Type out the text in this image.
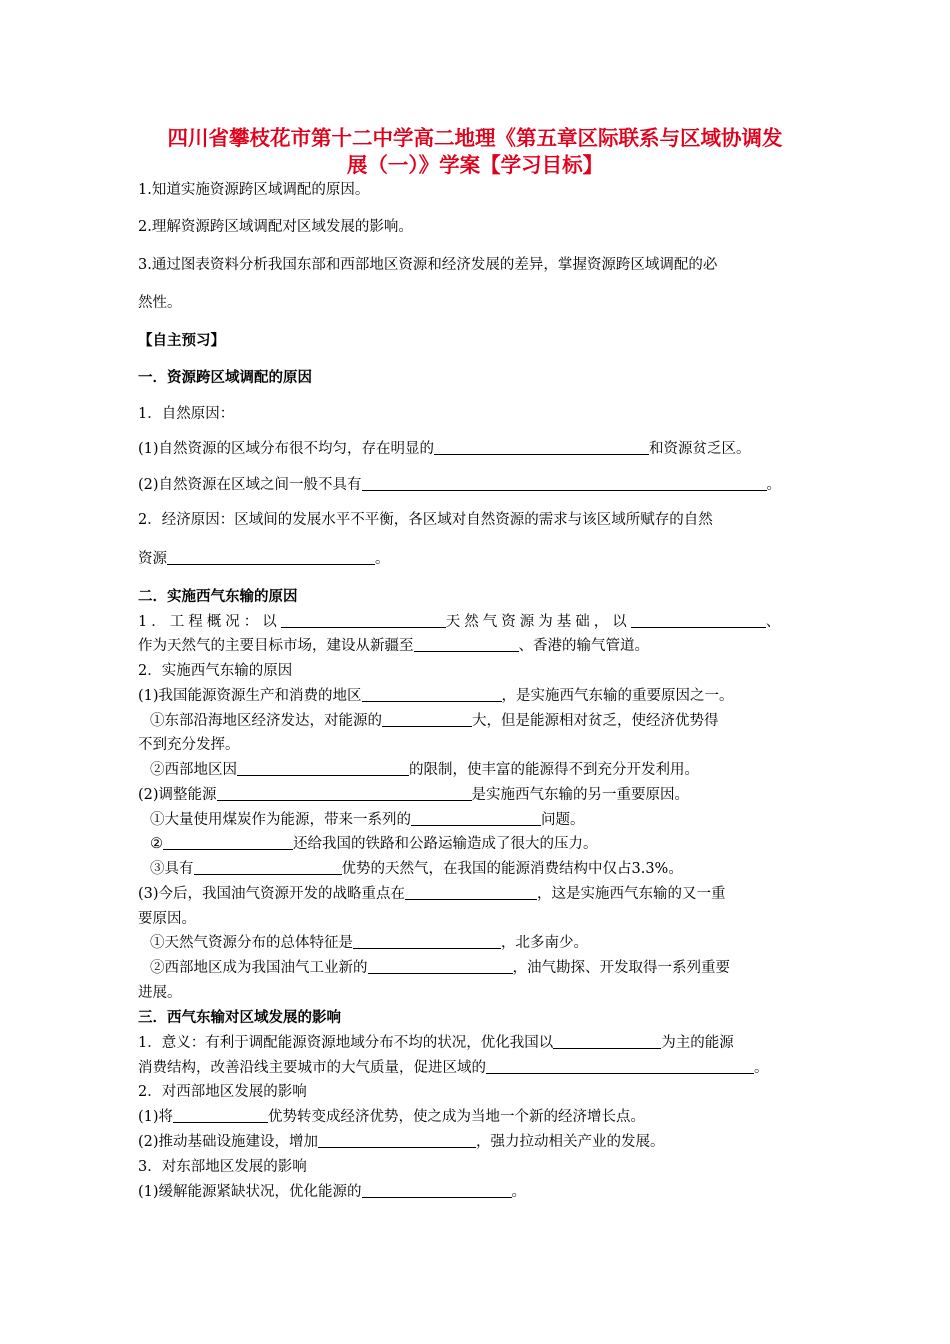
四川省攀枝花市第十二中学高二地理《第五章区际联系与区域协调发
展（一）》学案【学习目标】
1.知道实施资源跨区域调配的原因。
2.理解资源跨区域调配对区域发展的影响。
3.通过图表资料分析我国东部和西部地区资源和经济发展的差异，掌握资源跨区域调配的必
然性。
【自主预习】
一．资源跨区域调配的原因
1．自然原因：
(1)自然资源的区域分布很不均匀，存在明显的	和资源贫乏区。
(2)自然资源在区域之间一般不具有	。
2．经济原因：区域间的发展水平不平衡，各区域对自然资源的需求与该区域所赋存的自然
资源	。
二．实施西气东输的原因
1．工程概况：以	天然气资源为基础，以	、
作为天然气的主要目标市场，建设从新疆至	、香港的输气管道。
2．实施西气东输的原因
(1)我国能源资源生产和消费的地区	，是实施西气东输的重要原因之一。
①东部沿海地区经济发达，对能源的	大，但是能源相对贫乏，使经济优势得
不到充分发挥。
②西部地区因	的限制，使丰富的能源得不到充分开发利用。
(2)调整能源	是实施西气东输的另一重要原因。
①大量使用煤炭作为能源，带来一系列的	问题。
②	还给我国的铁路和公路运输造成了很大的压力。
③具有	优势的天然气，在我国的能源消费结构中仅占3.3%。
(3)今后，我国油气资源开发的战略重点在	，这是实施西气东输的又一重
要原因。
①天然气资源分布的总体特征是	，北多南少。
②西部地区成为我国油气工业新的	，油气勘探、开发取得一系列重要
进展。
三．西气东输对区域发展的影响
1．意义：有利于调配能源资源地域分布不均的状况，优化我国以	为主的能源
消费结构，改善沿线主要城市的大气质量，促进区域的	。
2．对西部地区发展的影响
(1)将	优势转变成经济优势，使之成为当地一个新的经济增长点。
(2)推动基础设施建设，增加	，强力拉动相关产业的发展。
3．对东部地区发展的影响
(1)缓解能源紧缺状况，优化能源的	。
